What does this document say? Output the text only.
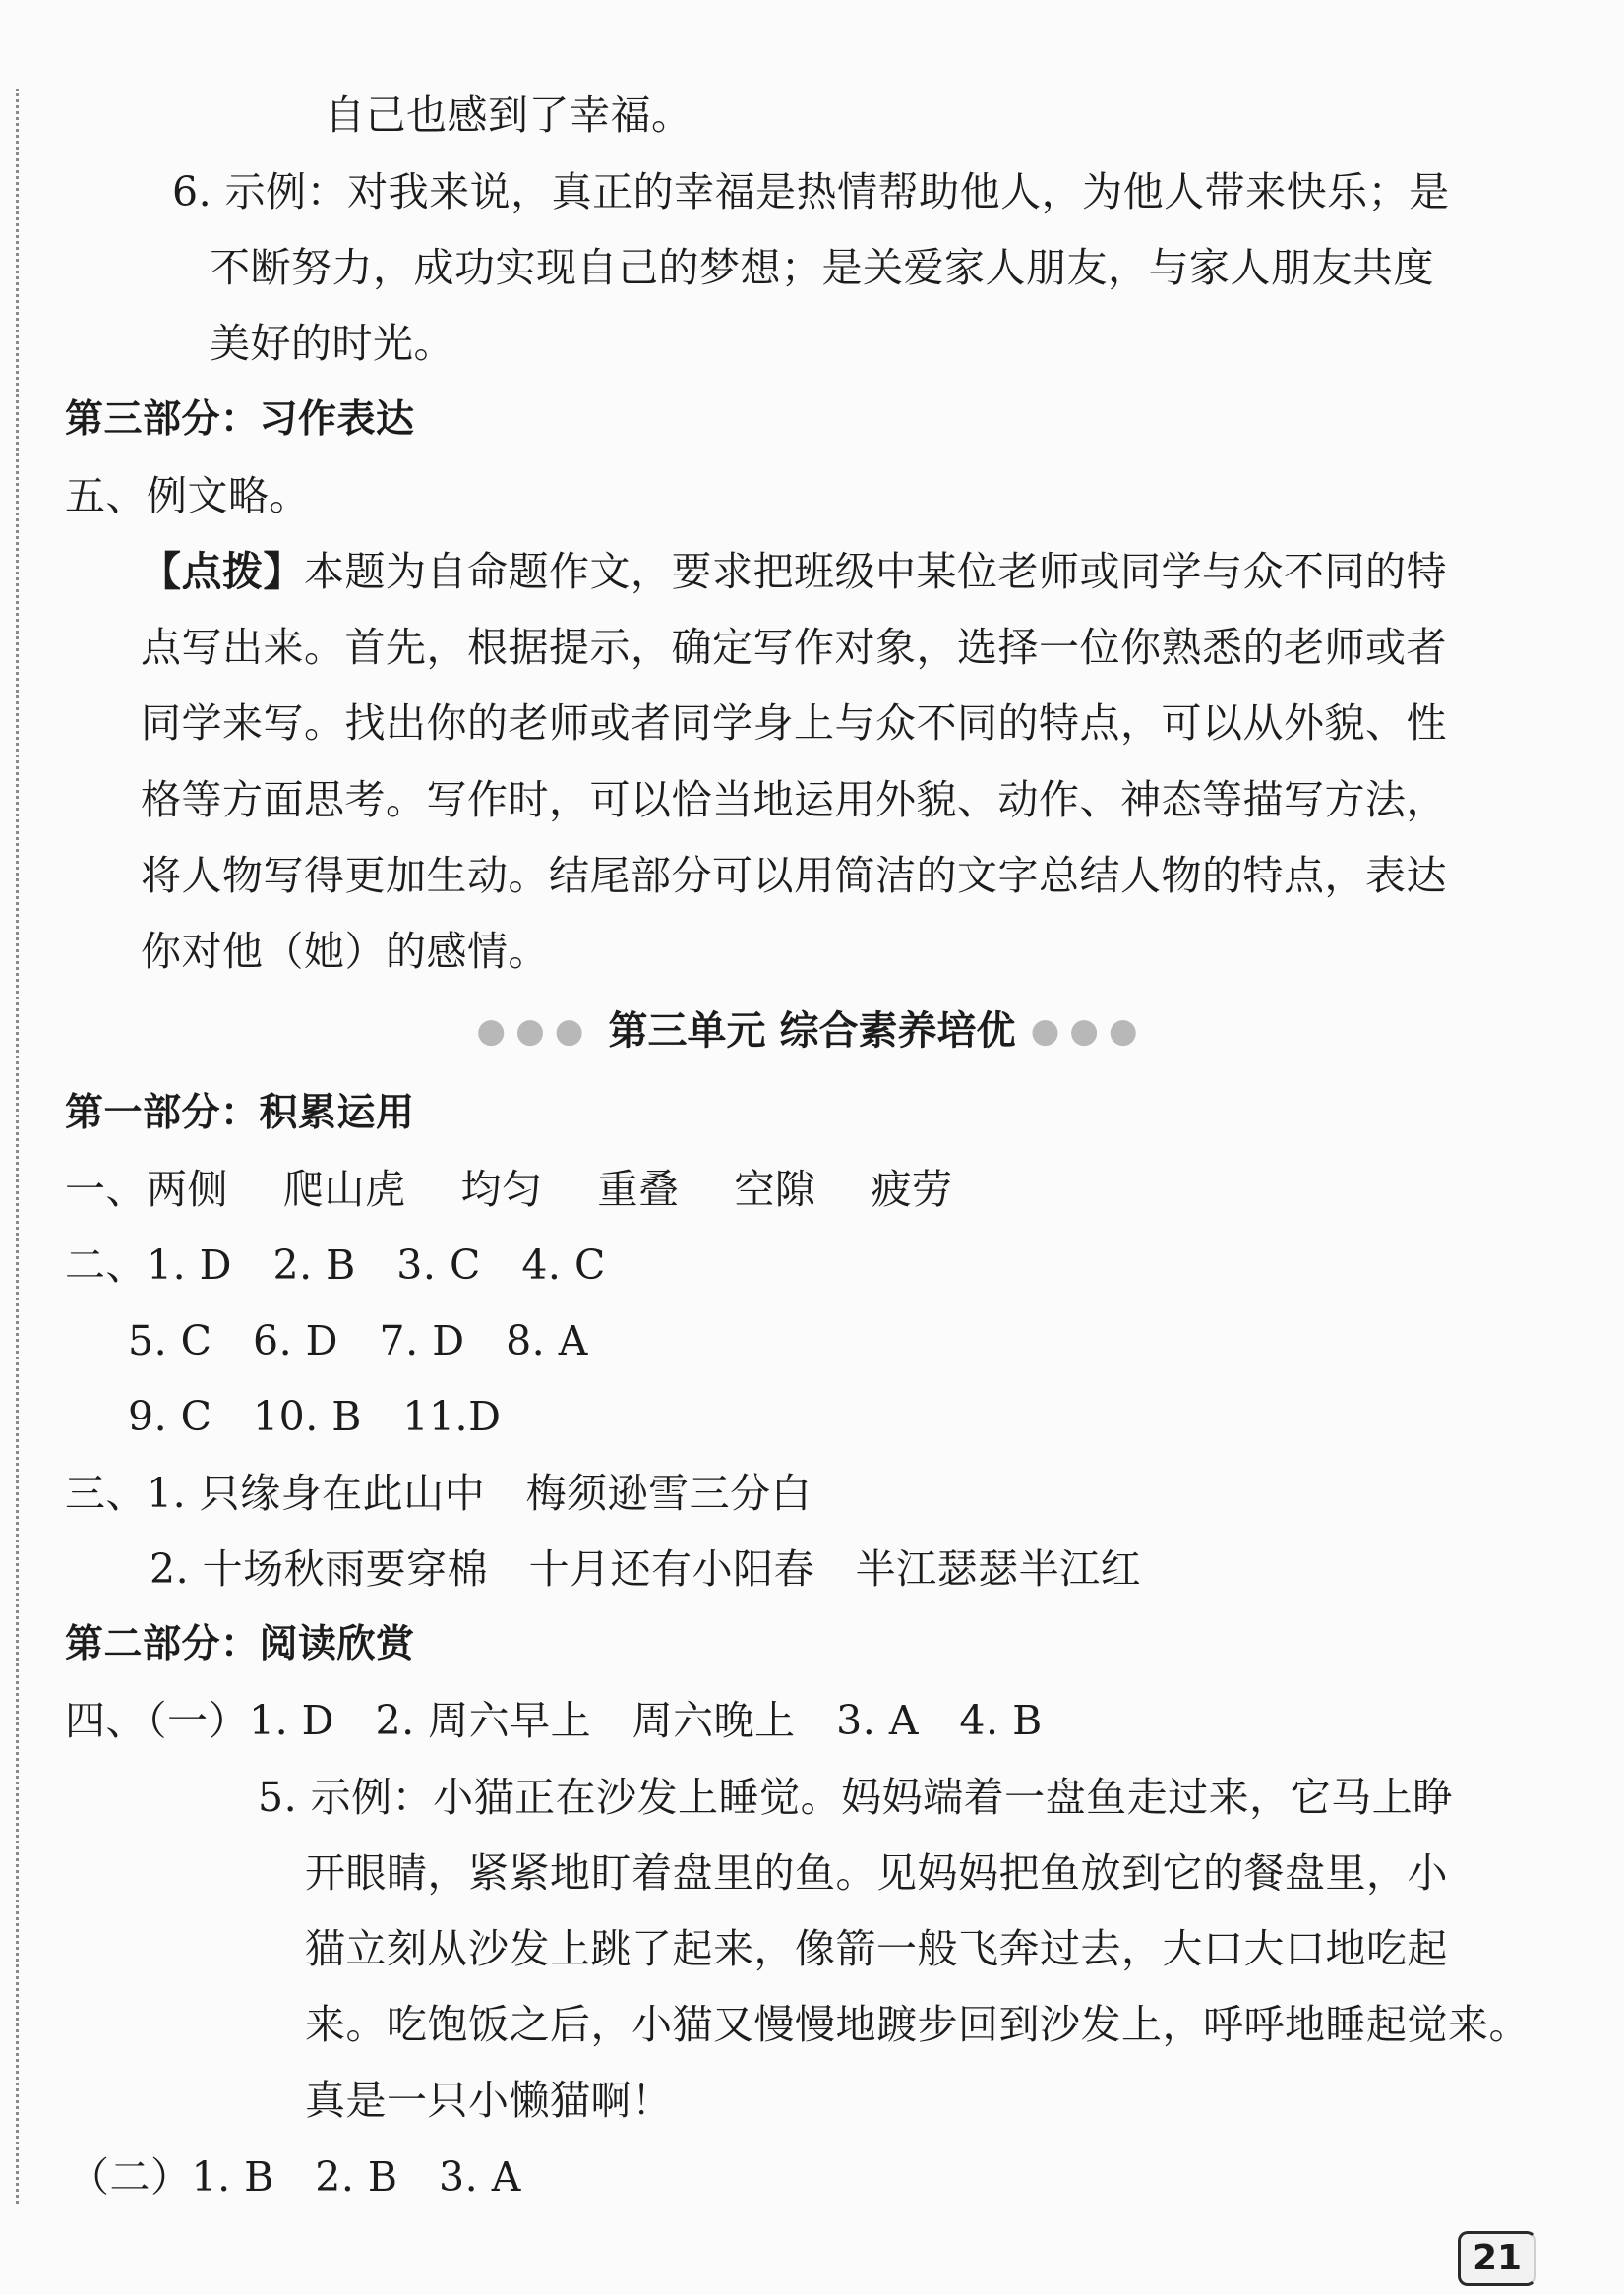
自己也感到了幸福。
6. 示例：对我来说，真正的幸福是热情帮助他人，为他人带来快乐；是
不断努力，成功实现自己的梦想；是关爱家人朋友，与家人朋友共度
美好的时光。
第三部分：习作表达
五、例文略。
【点拨】本题为自命题作文，要求把班级中某位老师或同学与众不同的特
点写出来。首先，根据提示，确定写作对象，选择一位你熟悉的老师或者
同学来写。找出你的老师或者同学身上与众不同的特点，可以从外貌、性
格等方面思考。写作时，可以恰当地运用外貌、动作、神态等描写方法，
将人物写得更加生动。结尾部分可以用简洁的文字总结人物的特点，表达
你对他（她）的感情。
●●● 第三单元 综合素养培优 ●●●
第一部分：积累运用
一、两侧 爬山虎 均匀 重叠 空隙 疲劳
二、1. D　2. B　3. C　4. C
5. C　6. D　7. D　8. A
9. C　10. B　11.D
三、1. 只缘身在此山中　梅须逊雪三分白
2. 十场秋雨要穿棉　十月还有小阳春　半江瑟瑟半江红
第二部分：阅读欣赏
四、（一）1. D　2. 周六早上　周六晚上　3. A　4. B
5. 示例：小猫正在沙发上睡觉。妈妈端着一盘鱼走过来，它马上睁
开眼睛，紧紧地盯着盘里的鱼。见妈妈把鱼放到它的餐盘里，小
猫立刻从沙发上跳了起来，像箭一般飞奔过去，大口大口地吃起
来。吃饱饭之后，小猫又慢慢地踱步回到沙发上，呼呼地睡起觉来。
真是一只小懒猫啊！
（二）1. B　2. B　3. A
21
